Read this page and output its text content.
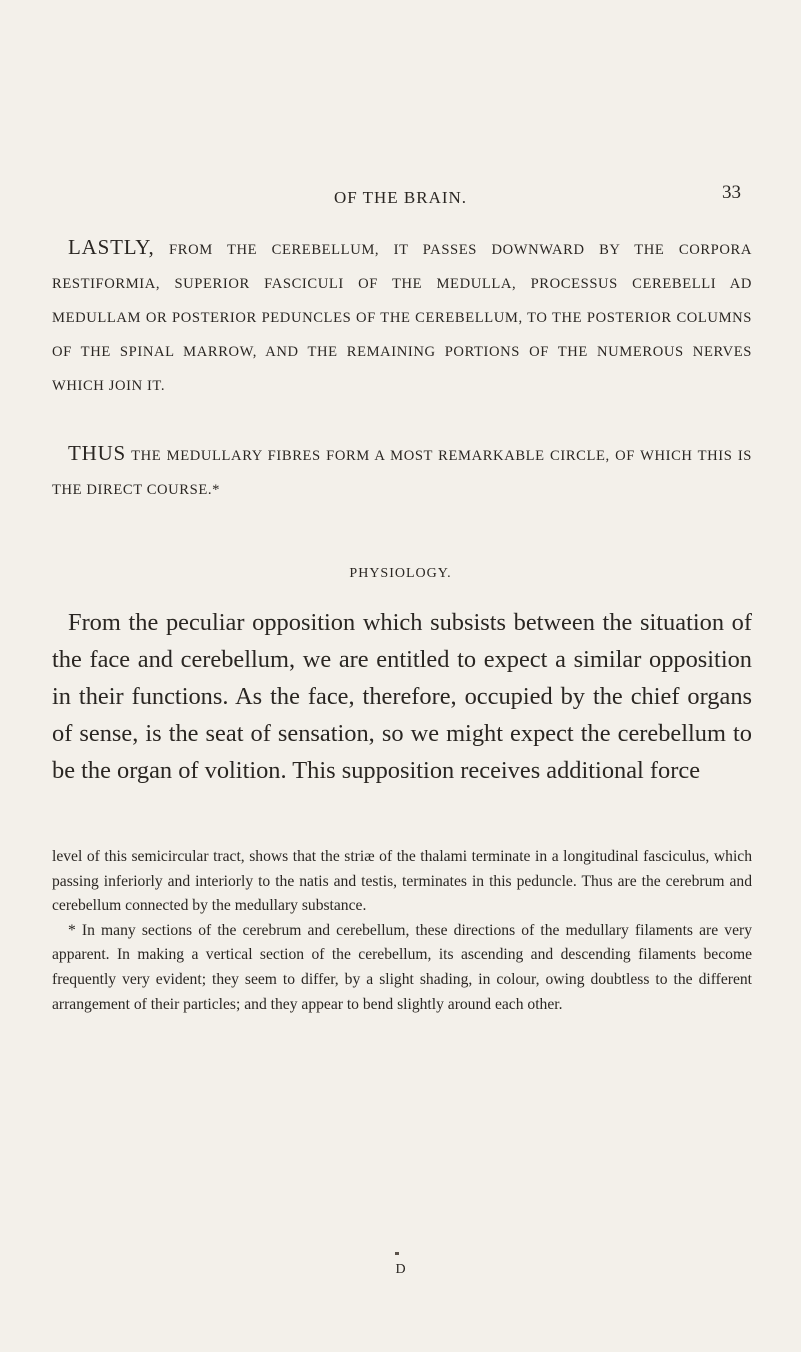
OF THE BRAIN.	33

LASTLY, FROM THE CEREBELLUM, IT PASSES DOWNWARD BY THE CORPORA RESTIFORMIA, SUPERIOR FASCICULI OF THE MEDULLA, PROCESSUS CEREBELLI AD MEDULLAM OR POSTERIOR PEDUNCLES OF THE CEREBELLUM, TO THE POSTERIOR COLUMNS OF THE SPINAL MARROW, AND THE REMAINING PORTIONS OF THE NUMEROUS NERVES WHICH JOIN IT.

THUS THE MEDULLARY FIBRES FORM A MOST REMARKABLE CIRCLE, OF WHICH THIS IS THE DIRECT COURSE.*

PHYSIOLOGY.

From the peculiar opposition which subsists between the situation of the face and cerebellum, we are entitled to expect a similar opposition in their functions. As the face, therefore, occupied by the chief organs of sense, is the seat of sensation, so we might expect the cerebellum to be the organ of volition. This supposition receives additional force

level of this semicircular tract, shows that the striæ of the thalami terminate in a longitudinal fasciculus, which passing inferiorly and interiorly to the natis and testis, terminates in this peduncle. Thus are the cerebrum and cerebellum connected by the medullary substance.

* In many sections of the cerebrum and cerebellum, these directions of the medullary filaments are very apparent. In making a vertical section of the cerebellum, its ascending and descending filaments become frequently very evident; they seem to differ, by a slight shading, in colour, owing doubtless to the different arrangement of their particles; and they appear to bend slightly around each other.

D
